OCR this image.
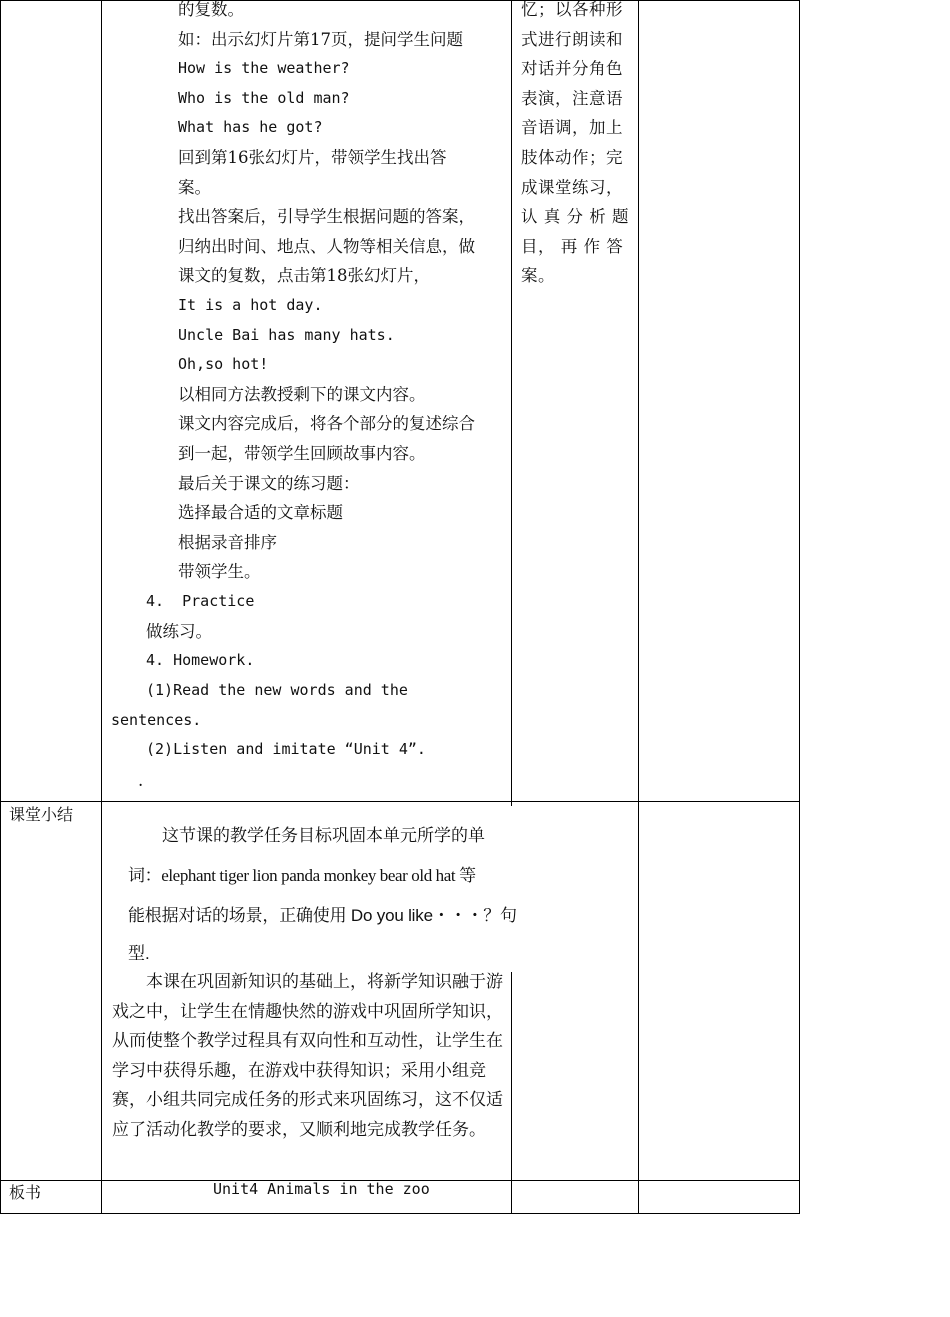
的复数。
如：出示幻灯片第17页，提问学生问题
How is the weather?
Who is the old man?
What has he got?
回到第16张幻灯片，带领学生找出答
案。
找出答案后，引导学生根据问题的答案，
归纳出时间、地点、人物等相关信息，做
课文的复数，点击第18张幻灯片，
It is a hot day.
Uncle Bai has many hats.
Oh,so hot!
以相同方法教授剩下的课文内容。
课文内容完成后，将各个部分的复述综合
到一起，带领学生回顾故事内容。
最后关于课文的练习题：
选择最合适的文章标题
根据录音排序
带领学生。
4.  Practice
做练习。
4. Homework.
(1)Read the new words and the
sentences.
(2)Listen and imitate “Unit 4”.
.
忆；以各种形
式进行朗读和
对话并分角色
表演，注意语
音语调，加上
肢体动作；完
成课堂练习，
认 真 分 析 题
目， 再 作 答
案。
课堂小结
这节课的教学任务目标巩固本单元所学的单
词：elephant tiger lion panda monkey bear old hat 等
能根据对话的场景，正确使用 Do you like・・・？句
型.

本课在巩固新知识的基础上，将新学知识融于游戏之中，让学生在情趣快然的游戏中巩固所学知识，从而使整个教学过程具有双向性和互动性，让学生在学习中获得乐趣，在游戏中获得知识；采用小组竞赛，小组共同完成任务的形式来巩固练习，这不仅适应了活动化教学的要求，又顺利地完成教学任务。

板书	Unit4 Animals in the zoo
